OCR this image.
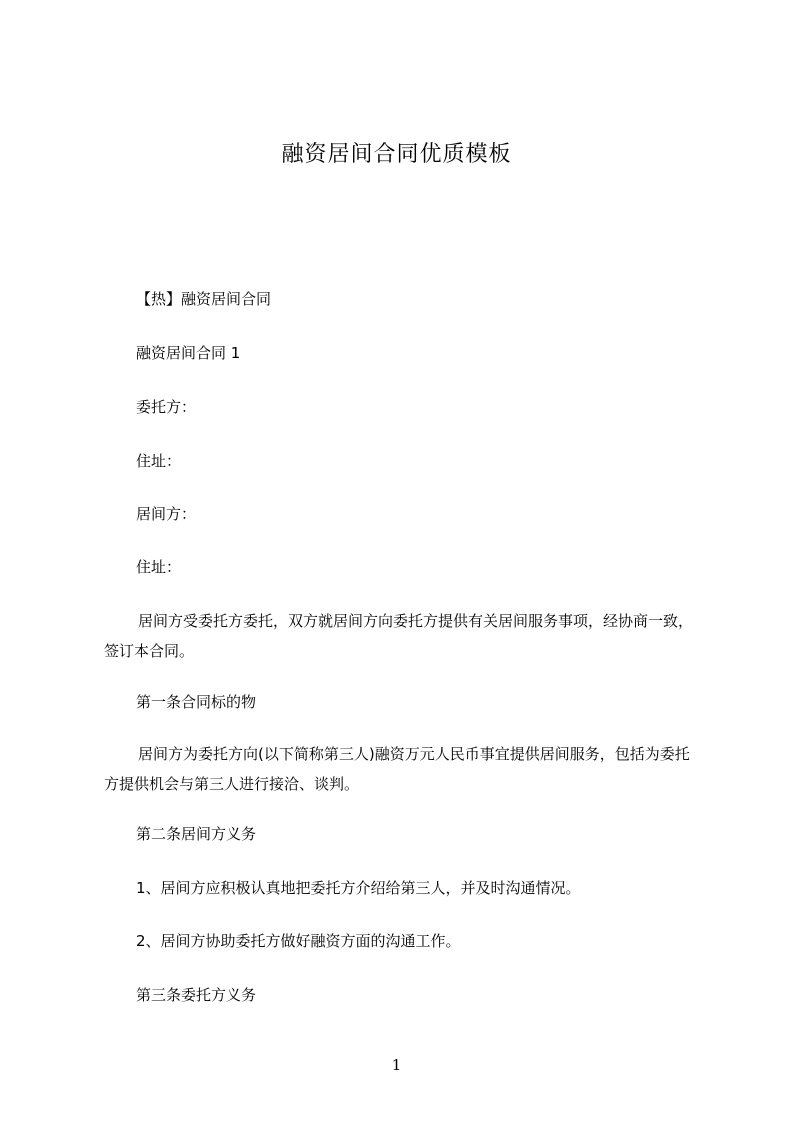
融资居间合同优质模板

【热】融资居间合同

融资居间合同 1

委托方：

住址：

居间方：

住址：

居间方受委托方委托，双方就居间方向委托方提供有关居间服务事项，经协商一致，签订本合同。

第一条合同标的物

居间方为委托方向(以下简称第三人)融资万元人民币事宜提供居间服务，包括为委托方提供机会与第三人进行接洽、谈判。

第二条居间方义务

1、居间方应积极认真地把委托方介绍给第三人，并及时沟通情况。

2、居间方协助委托方做好融资方面的沟通工作。

第三条委托方义务

1
